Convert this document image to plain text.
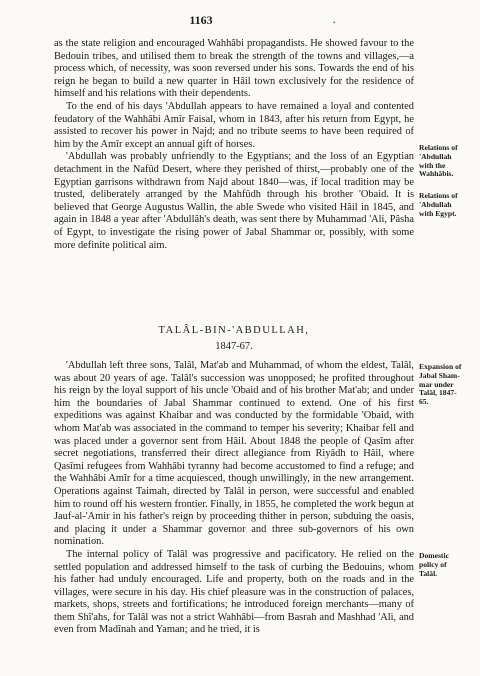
1163	•

as the state religion and encouraged Wahhâbi propagandists. He showed favour to the Bedouin tribes, and utilised them to break the strength of the towns and villages,—a process which, of necessity, was soon reversed under his sons. Towards the end of his reign he began to build a new quarter in Hâil town exclusively for the residence of himself and his relations with their dependents.

To the end of his days 'Abdullah appears to have remained a loyal and contented feudatory of the Wahhâbi Amîr Faisal, whom in 1843, after his return from Egypt, he assisted to recover his power in Najd; and no tribute seems to have been required of him by the Amîr except an annual gift of horses.

'Abdullah was probably unfriendly to the Egyptians; and the loss of an Egyptian detachment in the Nafûd Desert, where they perished of thirst,—probably one of the Egyptian garrisons withdrawn from Najd about 1840—was, if local tradition may be trusted, deliberately arranged by the Mahfûdh through his brother 'Obaid. It is believed that George Augustus Wallin, the able Swede who visited Hâil in 1845, and again in 1848 a year after 'Abdullâh's death, was sent there by Muhammad 'Ali, Pâsha of Egypt, to investigate the rising power of Jabal Shammar or, possibly, with some more definite political aim.

Relations of
'Abdullah
with the
Wahhâbis.
Relations of
'Abdullah
with Egypt.
TALÂL-BIN-'ABDULLAH,
1847-67.

'Abdullah left three sons, Talâl, Mat'ab and Muhammad, of whom the eldest, Talâl, was about 20 years of age. Talâl's succession was unopposed; he profited throughout his reign by the loyal support of his uncle 'Obaid and of his brother Mat'ab; and under him the boundaries of Jabal Shammar continued to extend. One of his first expeditions was against Khaibar and was conducted by the formidable 'Obaid, with whom Mat'ab was associated in the command to temper his severity; Khaibar fell and was placed under a governor sent from Hâil. About 1848 the people of Qasîm after secret negotiations, transferred their direct allegiance from Riyâdh to Hâil, where Qasîmi refugees from Wahhâbi tyranny had become accustomed to find a refuge; and the Wahhâbi Amîr for a time acquiesced, though unwillingly, in the new arrangement. Operations against Taimah, directed by Talâl in person, were successful and enabled him to round off his western frontier. Finally, in 1855, he completed the work begun at Jauf-al-'Amir in his father's reign by proceeding thither in person, subduing the oasis, and placing it under a Shammar governor and three sub-governors of his own nomination.

The internal policy of Talâl was progressive and pacificatory. He relied on the settled population and addressed himself to the task of curbing the Bedouins, whom his father had unduly encouraged. Life and property, both on the roads and in the villages, were secure in his day. His chief pleasure was in the construction of palaces, markets, shops, streets and fortifications; he introduced foreign merchants—many of them Shî'ahs, for Talâl was not a strict Wahhâbi—from Basrah and Mashhad 'Ali, and even from Madînah and Yaman; and he tried, it is

Expansion of
Jabal Sham-
mar under
Talâl, 1847-
65.
Domestic
policy of
Talâl.
